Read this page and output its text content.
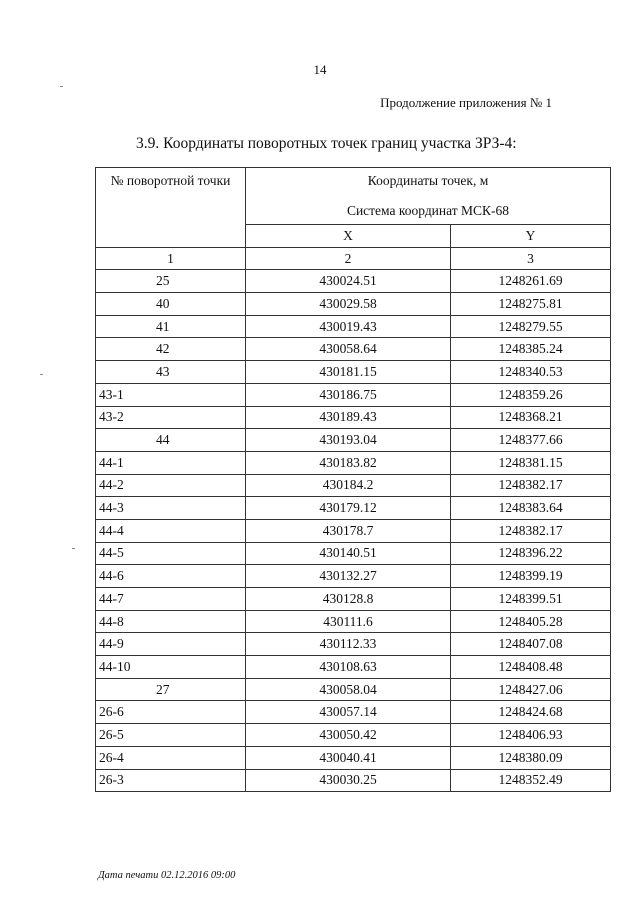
14
Продолжение приложения № 1
3.9. Координаты поворотных точек границ участка ЗРЗ-4:
№ поворотной точки	Координаты точек, м
Система координат МСК-68	

	X	Y
1	2	3
25	430024.51	1248261.69
40	430029.58	1248275.81
41	430019.43	1248279.55
42	430058.64	1248385.24
43	430181.15	1248340.53
43-1	430186.75	1248359.26
43-2	430189.43	1248368.21
44	430193.04	1248377.66
44-1	430183.82	1248381.15
44-2	430184.2	1248382.17
44-3	430179.12	1248383.64
44-4	430178.7	1248382.17
44-5	430140.51	1248396.22
44-6	430132.27	1248399.19
44-7	430128.8	1248399.51
44-8	430111.6	1248405.28
44-9	430112.33	1248407.08
44-10	430108.63	1248408.48
27	430058.04	1248427.06
26-6	430057.14	1248424.68
26-5	430050.42	1248406.93
26-4	430040.41	1248380.09
26-3	430030.25	1248352.49
Дата печати 02.12.2016 09:00
